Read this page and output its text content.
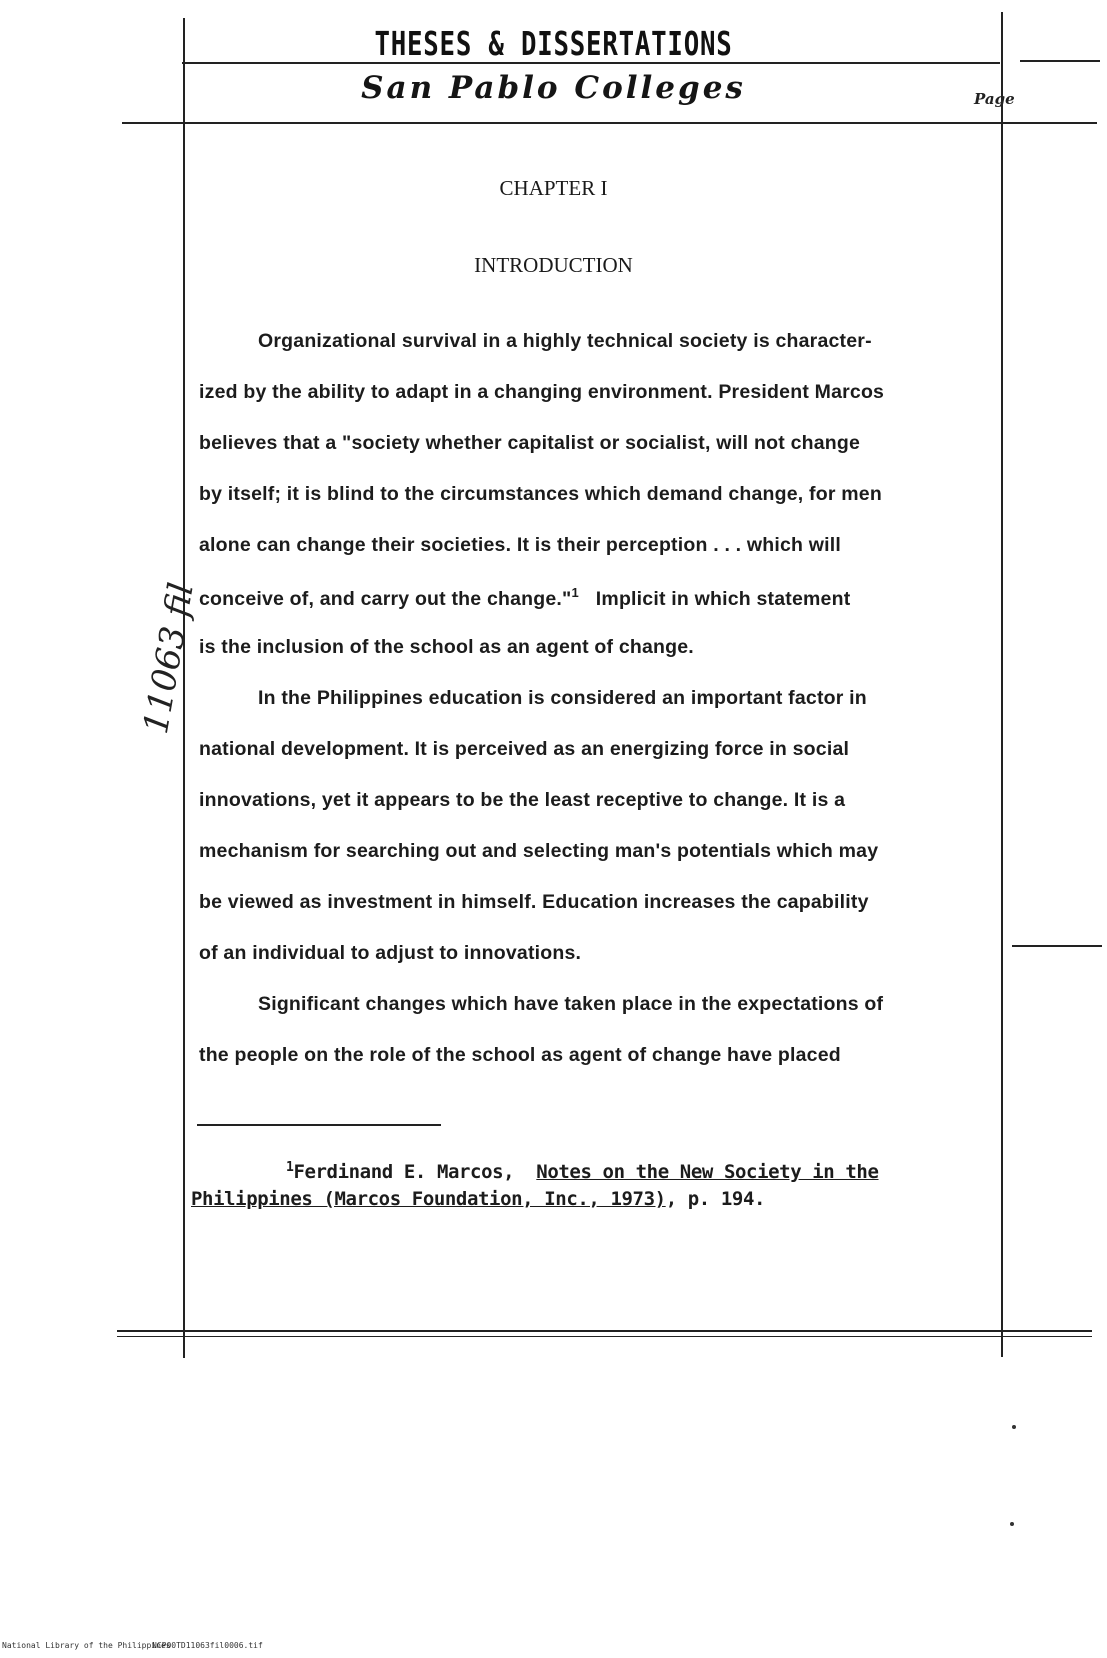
THESES & DISSERTATIONS
San Pablo Colleges	Page
CHAPTER I
INTRODUCTION
Organizational survival in a highly technical society is character-
ized by the ability to adapt in a changing environment. President Marcos
believes that a "society whether capitalist or socialist, will not change
by itself; it is blind to the circumstances which demand change, for men
alone can change their societies. It is their perception . . . which will
conceive of, and carry out the change."$^1$ Implicit in which statement
is the inclusion of the school as an agent of change.
In the Philippines education is considered an important factor in
national development. It is perceived as an energizing force in social
innovations, yet it appears to be the least receptive to change. It is a
mechanism for searching out and selecting man's potentials which may
be viewed as investment in himself. Education increases the capability
of an individual to adjust to innovations.
Significant changes which have taken place in the expectations of
the people on the role of the school as agent of change have placed
$^1$Ferdinand E. Marcos, Notes on the New Society in the
Philippines (Marcos Foundation, Inc., 1973), p. 194.
11063 fil
National Library of the Philippines
NCP00TD11063fil0006.tif
